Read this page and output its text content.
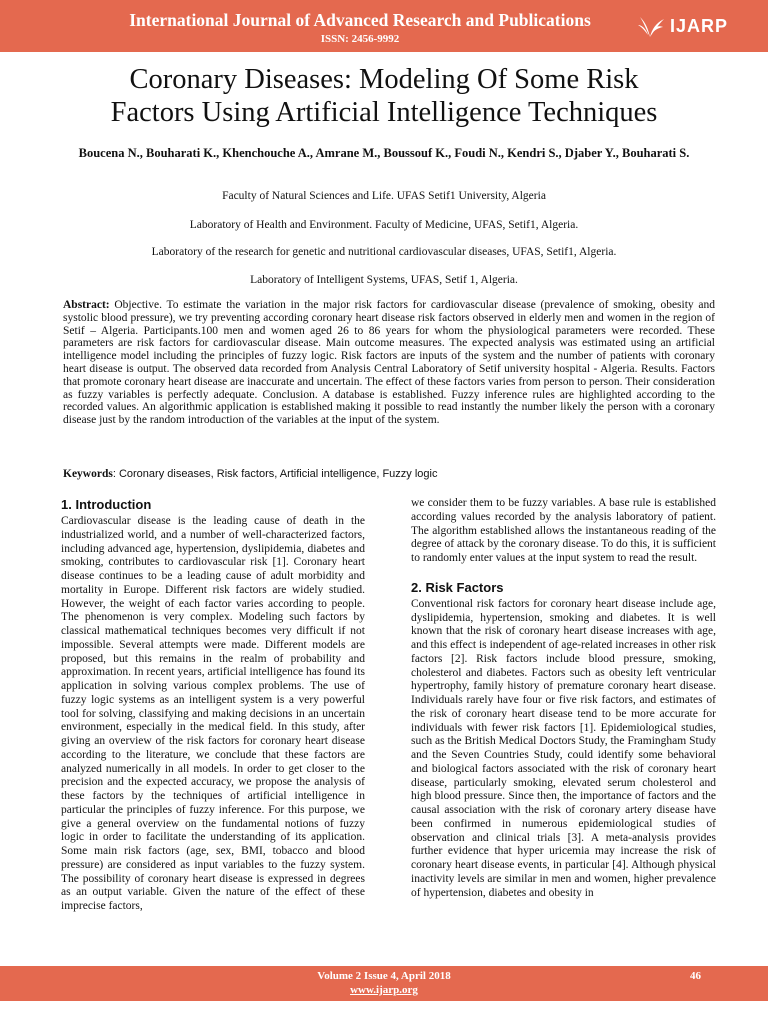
International Journal of Advanced Research and Publications
ISSN: 2456-9992
IJARP
Coronary Diseases: Modeling Of Some Risk
Factors Using Artificial Intelligence Techniques
Boucena N., Bouharati K., Khenchouche A., Amrane M., Boussouf K., Foudi N., Kendri S., Djaber Y., Bouharati S.
Faculty of Natural Sciences and Life. UFAS Setif1 University, Algeria
Laboratory of Health and Environment. Faculty of Medicine, UFAS, Setif1, Algeria.
Laboratory of the research for genetic and nutritional cardiovascular diseases, UFAS, Setif1, Algeria.
Laboratory of Intelligent Systems, UFAS, Setif 1, Algeria.
Abstract: Objective. To estimate the variation in the major risk factors for cardiovascular disease (prevalence of smoking, obesity and systolic blood pressure), we try preventing according coronary heart disease risk factors observed in elderly men and women in the region of Setif – Algeria. Participants.100 men and women aged 26 to 86 years for whom the physiological parameters were recorded. These parameters are risk factors for cardiovascular disease. Main outcome measures. The expected analysis was estimated using an artificial intelligence model including the principles of fuzzy logic. Risk factors are inputs of the system and the number of patients with coronary heart disease is output. The observed data recorded from Analysis Central Laboratory of Setif university hospital - Algeria. Results. Factors that promote coronary heart disease are inaccurate and uncertain. The effect of these factors varies from person to person. Their consideration as fuzzy variables is perfectly adequate. Conclusion. A database is established. Fuzzy inference rules are highlighted according to the recorded values. An algorithmic application is established making it possible to read instantly the number likely the person with a coronary disease just by the random introduction of the variables at the input of the system.
Keywords: Coronary diseases, Risk factors, Artificial intelligence, Fuzzy logic
1. Introduction

Cardiovascular disease is the leading cause of death in the industrialized world, and a number of well-characterized factors, including advanced age, hypertension, dyslipidemia, diabetes and smoking, contributes to cardiovascular risk [1]. Coronary heart disease continues to be a leading cause of adult morbidity and mortality in Europe. Different risk factors are widely studied. However, the weight of each factor varies according to people. The phenomenon is very complex. Modeling such factors by classical mathematical techniques becomes very difficult if not impossible. Several attempts were made. Different models are proposed, but this remains in the realm of probability and approximation. In recent years, artificial intelligence has found its application in solving various complex problems. The use of fuzzy logic systems as an intelligent system is a very powerful tool for solving, classifying and making decisions in an uncertain environment, especially in the medical field. In this study, after giving an overview of the risk factors for coronary heart disease according to the literature, we conclude that these factors are analyzed numerically in all models. In order to get closer to the precision and the expected accuracy, we propose the analysis of these factors by the techniques of artificial intelligence in particular the principles of fuzzy inference. For this purpose, we give a general overview on the fundamental notions of fuzzy logic in order to facilitate the understanding of its application. Some main risk factors (age, sex, BMI, tobacco and blood pressure) are considered as input variables to the fuzzy system. The possibility of coronary heart disease is expressed in degrees as an output variable. Given the nature of the effect of these imprecise factors,

we consider them to be fuzzy variables. A base rule is established according values recorded by the analysis laboratory of patient. The algorithm established allows the instantaneous reading of the degree of attack by the coronary disease. To do this, it is sufficient to randomly enter values at the input system to read the result.

2. Risk Factors

Conventional risk factors for coronary heart disease include age, dyslipidemia, hypertension, smoking and diabetes. It is well known that the risk of coronary heart disease increases with age, and this effect is independent of age-related increases in other risk factors [2]. Risk factors include blood pressure, smoking, cholesterol and diabetes. Factors such as obesity left ventricular hypertrophy, family history of premature coronary heart disease. Individuals rarely have four or five risk factors, and estimates of the risk of coronary heart disease tend to be more accurate for individuals with fewer risk factors [1]. Epidemiological studies, such as the British Medical Doctors Study, the Framingham Study and the Seven Countries Study, could identify some behavioral and biological factors associated with the risk of coronary heart disease, particularly smoking, elevated serum cholesterol and high blood pressure. Since then, the importance of factors and the causal association with the risk of coronary artery disease have been confirmed in numerous epidemiological studies of observation and clinical trials [3]. A meta-analysis provides further evidence that hyper uricemia may increase the risk of coronary heart disease events, in particular [4]. Although physical inactivity levels are similar in men and women, higher prevalence of hypertension, diabetes and obesity in

Volume 2 Issue 4, April 2018
www.ijarp.org
46
